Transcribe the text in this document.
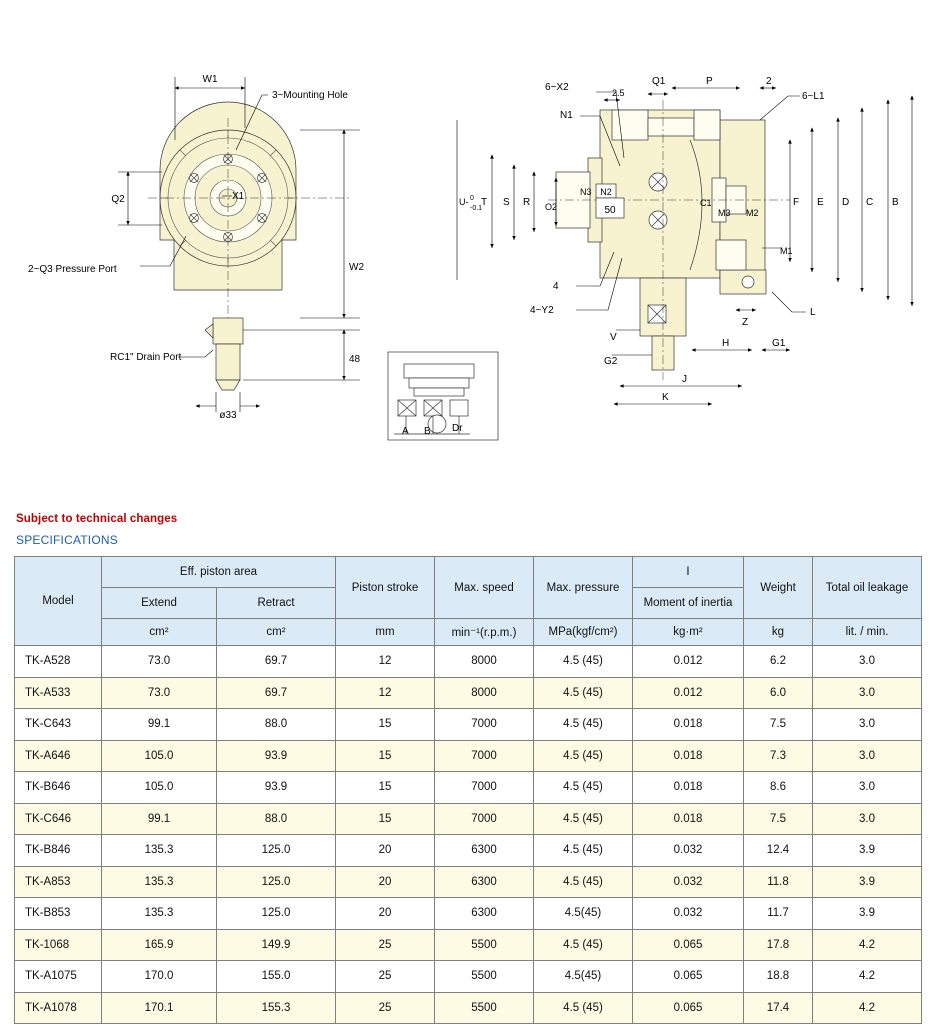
W1
3~Mounting Hole
Q2	X1
W2
48
ø33
2~Q3 Pressure Port
RC1" Drain Port
A B Dr
F E D C B
T S R O2
U- 0
-0.1
Q1	P	2
2.5
6~X2
N1
6~L1
N2
N3
50
C1
M3 M2
M1
4
4~Y2
V
G2
Z
L
H	G1
J
K
Subject to technical changes
SPECIFICATIONS
Model	Eff. piston area		Piston stroke	Max. speed	Max. pressure	I	Weight	Total oil leakage
	Extend	Retract				Moment of inertia		
	cm²	cm²	mm	min⁻¹(r.p.m.)	MPa(kgf/cm²)	kg·m²	kg	lit. / min.
TK-A528	73.0	69.7	12	8000	4.5 (45)	0.012	6.2	3.0
TK-A533	73.0	69.7	12	8000	4.5 (45)	0.012	6.0	3.0
TK-C643	99.1	88.0	15	7000	4.5 (45)	0.018	7.5	3.0
TK-A646	105.0	93.9	15	7000	4.5 (45)	0.018	7.3	3.0
TK-B646	105.0	93.9	15	7000	4.5 (45)	0.018	8.6	3.0
TK-C646	99.1	88.0	15	7000	4.5 (45)	0.018	7.5	3.0
TK-B846	135.3	125.0	20	6300	4.5 (45)	0.032	12.4	3.9
TK-A853	135.3	125.0	20	6300	4.5 (45)	0.032	11.8	3.9
TK-B853	135.3	125.0	20	6300	4.5(45)	0.032	11.7	3.9
TK-1068	165.9	149.9	25	5500	4.5 (45)	0.065	17.8	4.2
TK-A1075	170.0	155.0	25	5500	4.5(45)	0.065	18.8	4.2
TK-A1078	170.1	155.3	25	5500	4.5 (45)	0.065	17.4	4.2
